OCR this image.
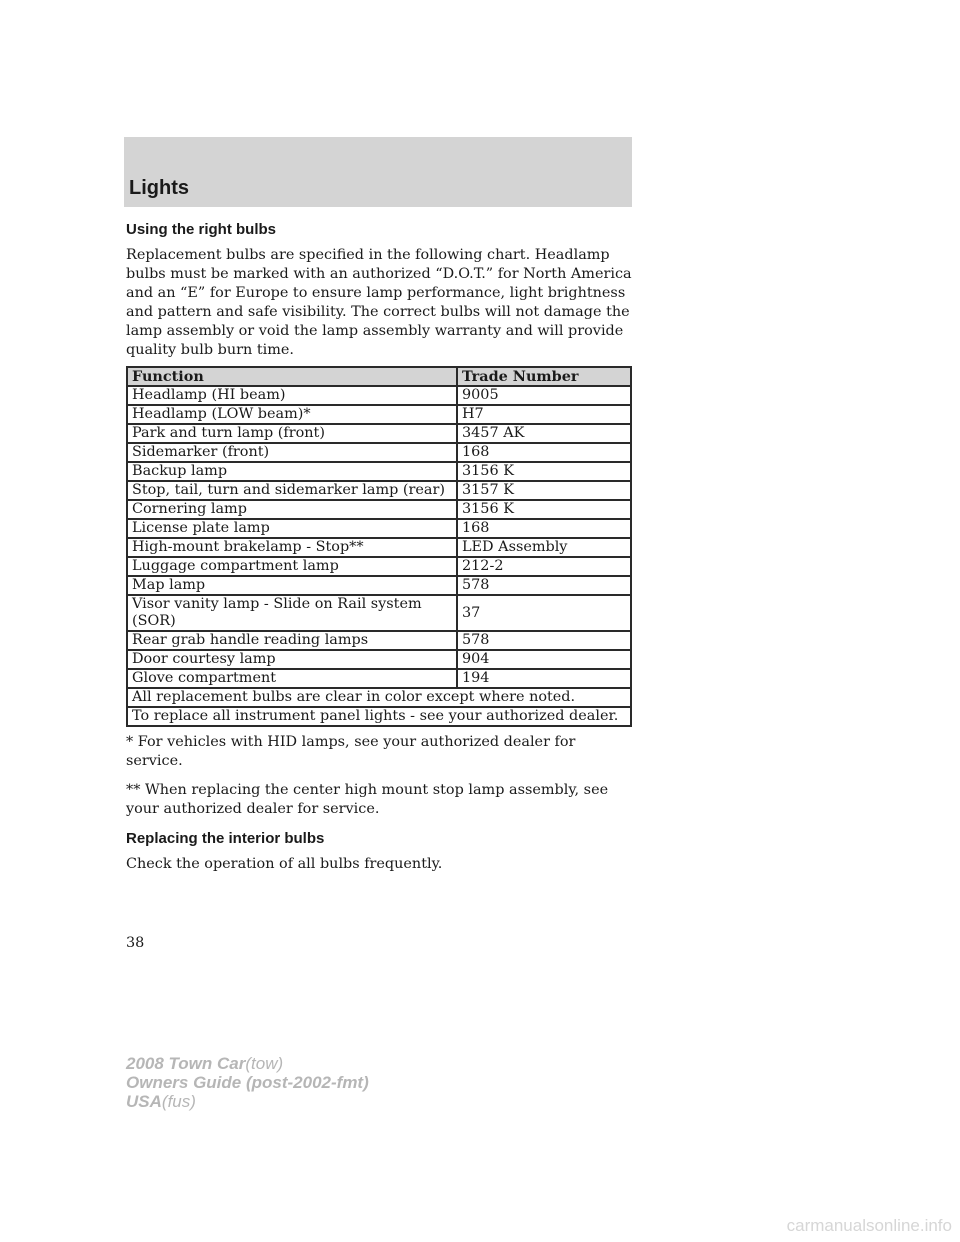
Lights
Using the right bulbs

Replacement bulbs are specified in the following chart. Headlamp bulbs must be marked with an authorized “D.O.T.” for North America and an “E” for Europe to ensure lamp performance, light brightness and pattern and safe visibility. The correct bulbs will not damage the lamp assembly or void the lamp assembly warranty and will provide quality bulb burn time.

Function	Trade Number
Headlamp (HI beam)	9005
Headlamp (LOW beam)*	H7
Park and turn lamp (front)	3457 AK
Sidemarker (front)	168
Backup lamp	3156 K
Stop, tail, turn and sidemarker lamp (rear)	3157 K
Cornering lamp	3156 K
License plate lamp	168
High-mount brakelamp - Stop**	LED Assembly
Luggage compartment lamp	212-2
Map lamp	578
Visor vanity lamp - Slide on Rail system (SOR)	37
Rear grab handle reading lamps	578
Door courtesy lamp	904
Glove compartment	194
All replacement bulbs are clear in color except where noted.	
To replace all instrument panel lights - see your authorized dealer.	

* For vehicles with HID lamps, see your authorized dealer for service.

** When replacing the center high mount stop lamp assembly, see your authorized dealer for service.

Replacing the interior bulbs

Check the operation of all bulbs frequently.

38
2008 Town Car(tow)
Owners Guide (post-2002-fmt)
USA(fus)
carmanualsonline.info
